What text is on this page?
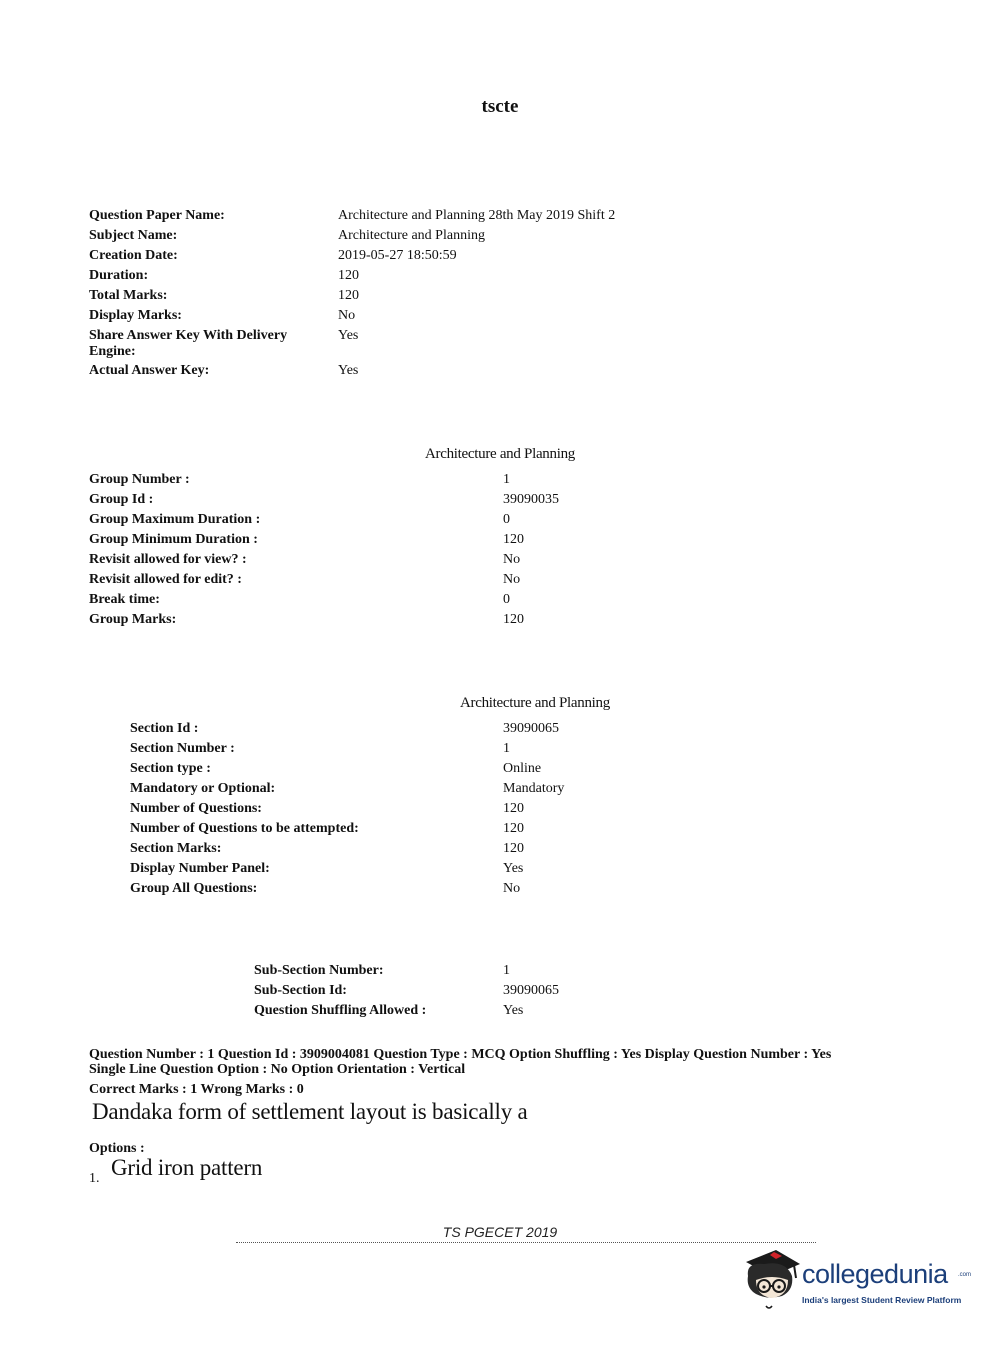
tscte
Question Paper Name:	Architecture and Planning 28th May 2019 Shift 2
Subject Name:	Architecture and Planning
Creation Date:	2019-05-27 18:50:59
Duration:	120
Total Marks:	120
Display Marks:	No
Share Answer Key With Delivery Engine:
Yes
Actual Answer Key:	Yes
Architecture and Planning
Group Number :	1
Group Id :	39090035
Group Maximum Duration :	0
Group Minimum Duration :	120
Revisit allowed for view? :	No
Revisit allowed for edit? :	No
Break time:	0
Group Marks:	120
Architecture and Planning
Section Id :	39090065
Section Number :	1
Section type :	Online
Mandatory or Optional:	Mandatory
Number of Questions:	120
Number of Questions to be attempted:	120
Section Marks:	120
Display Number Panel:	Yes
Group All Questions:	No
Sub-Section Number:	1
Sub-Section Id:	39090065
Question Shuffling Allowed :	Yes
Question Number : 1 Question Id : 3909004081 Question Type : MCQ Option Shuffling : Yes Display Question Number : Yes
Single Line Question Option : No Option Orientation : Vertical
Correct Marks : 1 Wrong Marks : 0
Dandaka form of settlement layout is basically a
Options :
1. Grid iron pattern
TS PGECET 2019
collegedunia .com
India's largest Student Review Platform
